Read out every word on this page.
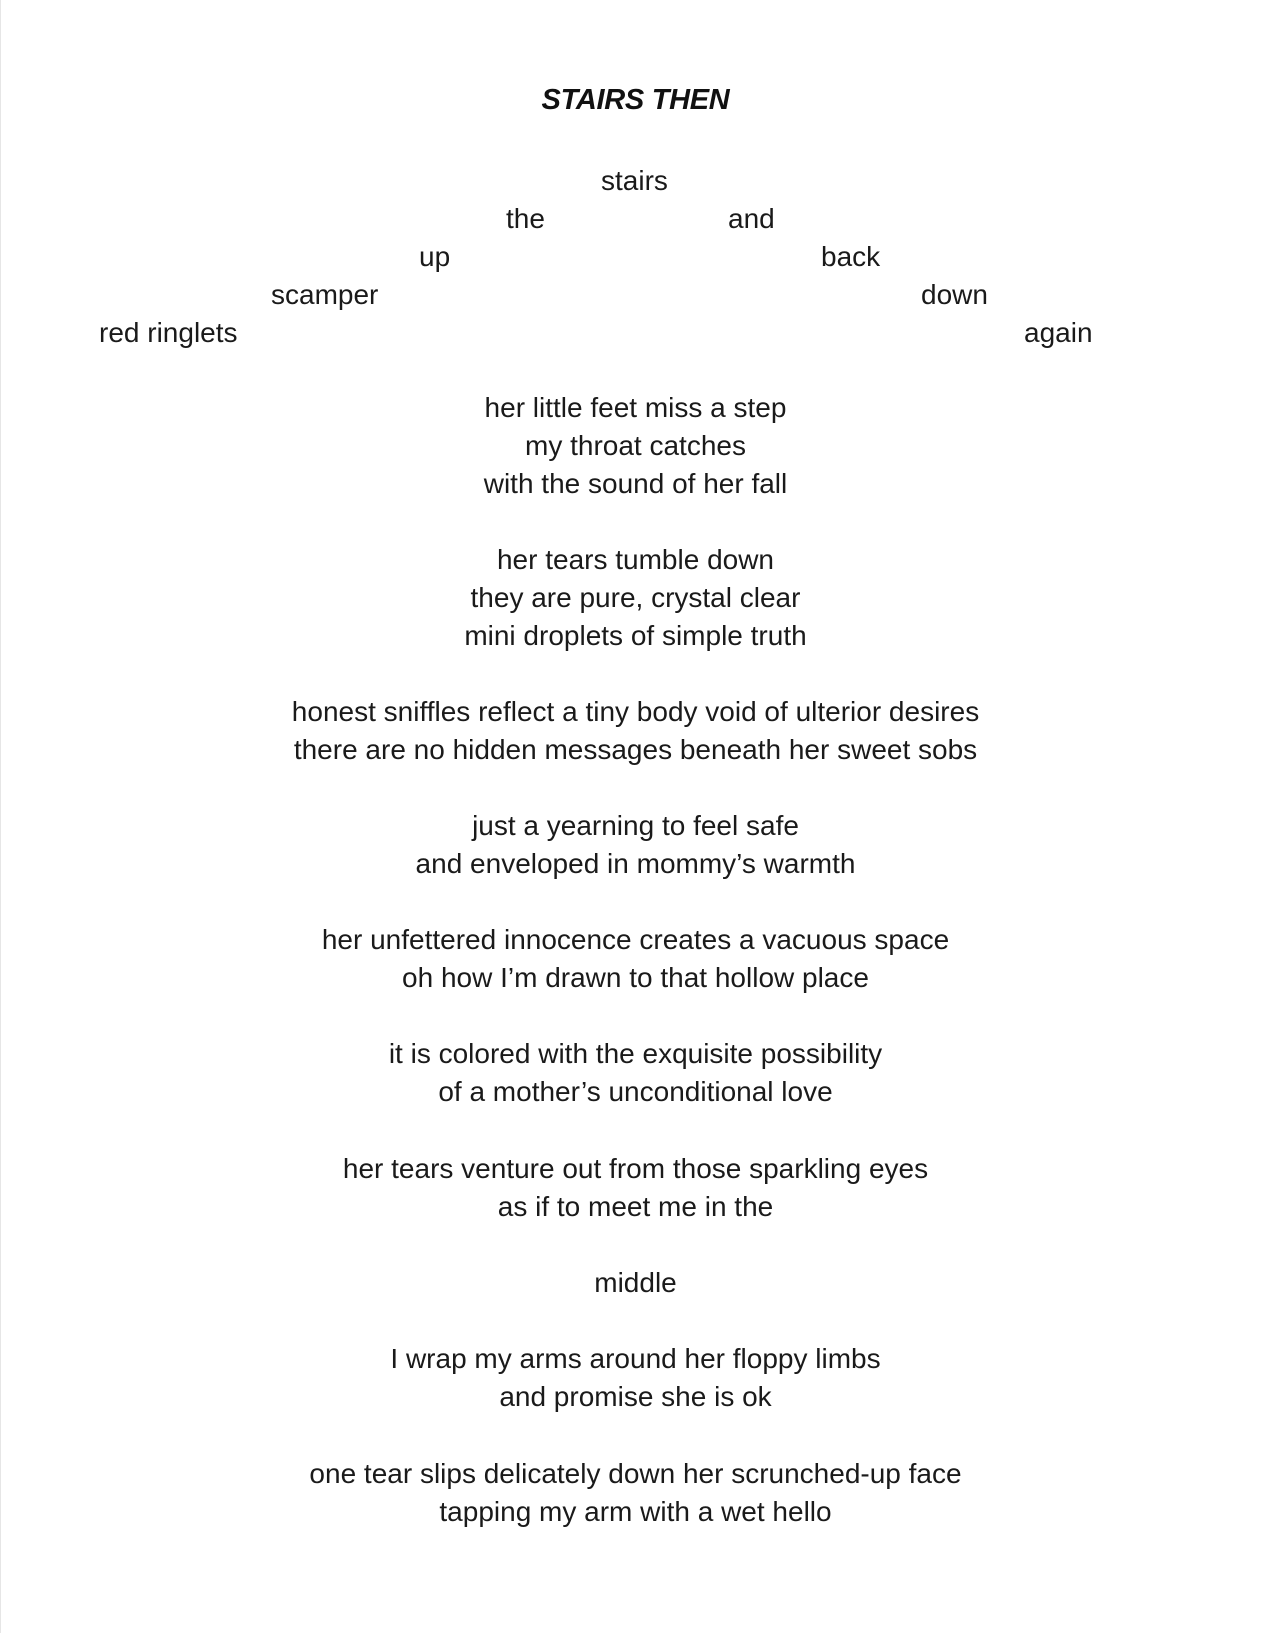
STAIRS THEN
red ringlets
scamper
up
the
stairs
and
back
down
again
her little feet miss a step
my throat catches
with the sound of her fall
her tears tumble down
they are pure, crystal clear
mini droplets of simple truth
honest sniffles reflect a tiny body void of ulterior desires
there are no hidden messages beneath her sweet sobs
just a yearning to feel safe
and enveloped in mommy’s warmth
her unfettered innocence creates a vacuous space
oh how I’m drawn to that hollow place
it is colored with the exquisite possibility
of a mother’s unconditional love
her tears venture out from those sparkling eyes
as if to meet me in the
middle
I wrap my arms around her floppy limbs
and promise she is ok
one tear slips delicately down her scrunched-up face
tapping my arm with a wet hello
